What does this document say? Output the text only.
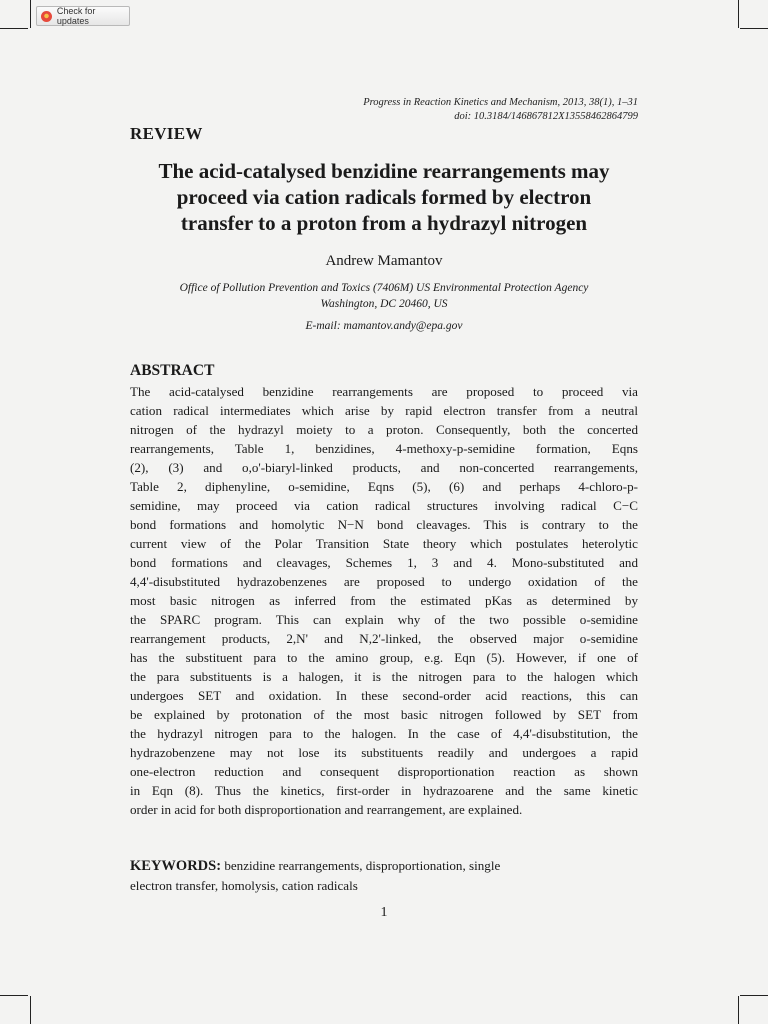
Check for updates
Progress in Reaction Kinetics and Mechanism, 2013, 38(1), 1–31
doi: 10.3184/146867812X13558462864799
REVIEW
The acid-catalysed benzidine rearrangements may
proceed via cation radicals formed by electron
transfer to a proton from a hydrazyl nitrogen
Andrew Mamantov
Office of Pollution Prevention and Toxics (7406M) US Environmental Protection Agency
Washington, DC 20460, US
E-mail: mamantov.andy@epa.gov
ABSTRACT
The acid-catalysed benzidine rearrangements are proposed to proceed via
cation radical intermediates which arise by rapid electron transfer from a neutral
nitrogen of the hydrazyl moiety to a proton. Consequently, both the concerted
rearrangements, Table 1, benzidines, 4-methoxy-p-semidine formation, Eqns
(2), (3) and o,o'-biaryl-linked products, and non-concerted rearrangements,
Table 2, diphenyline, o-semidine, Eqns (5), (6) and perhaps 4-chloro-p-
semidine, may proceed via cation radical structures involving radical C−C
bond formations and homolytic N−N bond cleavages. This is contrary to the
current view of the Polar Transition State theory which postulates heterolytic
bond formations and cleavages, Schemes 1, 3 and 4. Mono-substituted and
4,4'-disubstituted hydrazobenzenes are proposed to undergo oxidation of the
most basic nitrogen as inferred from the estimated pKas as determined by
the SPARC program. This can explain why of the two possible o-semidine
rearrangement products, 2,N' and N,2'-linked, the observed major o-semidine
has the substituent para to the amino group, e.g. Eqn (5). However, if one of
the para substituents is a halogen, it is the nitrogen para to the halogen which
undergoes SET and oxidation. In these second-order acid reactions, this can
be explained by protonation of the most basic nitrogen followed by SET from
the hydrazyl nitrogen para to the halogen. In the case of 4,4'-disubstitution, the
hydrazobenzene may not lose its substituents readily and undergoes a rapid
one-electron reduction and consequent disproportionation reaction as shown
in Eqn (8). Thus the kinetics, first-order in hydrazoarene and the same kinetic
order in acid for both disproportionation and rearrangement, are explained.
KEYWORDS: benzidine rearrangements, disproportionation, single
electron transfer, homolysis, cation radicals
1
